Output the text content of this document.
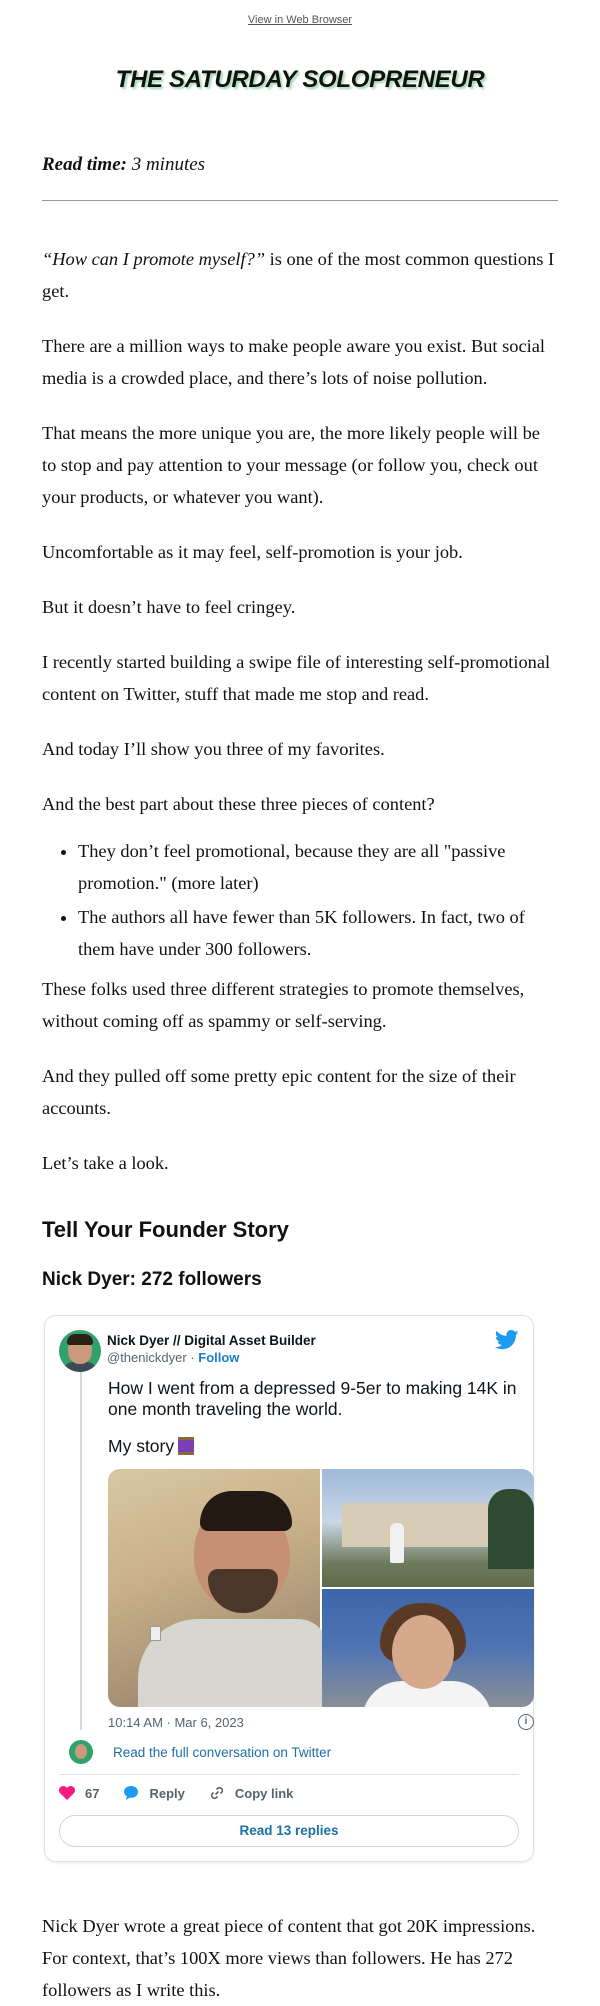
View in Web Browser
THE SATURDAY SOLOPRENEUR
Read time: 3 minutes

“How can I promote myself?” is one of the most common questions I get.

There are a million ways to make people aware you exist. But social media is a crowded place, and there’s lots of noise pollution.

That means the more unique you are, the more likely people will be to stop and pay attention to your message (or follow you, check out your products, or whatever you want).

Uncomfortable as it may feel, self-promotion is your job.

But it doesn’t have to feel cringey.

I recently started building a swipe file of interesting self-promotional content on Twitter, stuff that made me stop and read.

And today I’ll show you three of my favorites.

And the best part about these three pieces of content?

• They don’t feel promotional, because they are all "passive promotion." (more later)
• The authors all have fewer than 5K followers. In fact, two of them have under 300 followers.

These folks used three different strategies to promote themselves, without coming off as spammy or self-serving.

And they pulled off some pretty epic content for the size of their accounts.

Let’s take a look.

Tell Your Founder Story
Nick Dyer: 272 followers
Nick Dyer // Digital Asset Builder
@thenickdyer · Follow
How I went from a depressed 9-5er to making 14K in one month traveling the world.
My story
10:14 AM · Mar 6, 2023	i
Read the full conversation on Twitter
67	Reply	Copy link
Read 13 replies

Nick Dyer wrote a great piece of content that got 20K impressions. For context, that’s 100X more views than followers. He has 272 followers as I write this.
